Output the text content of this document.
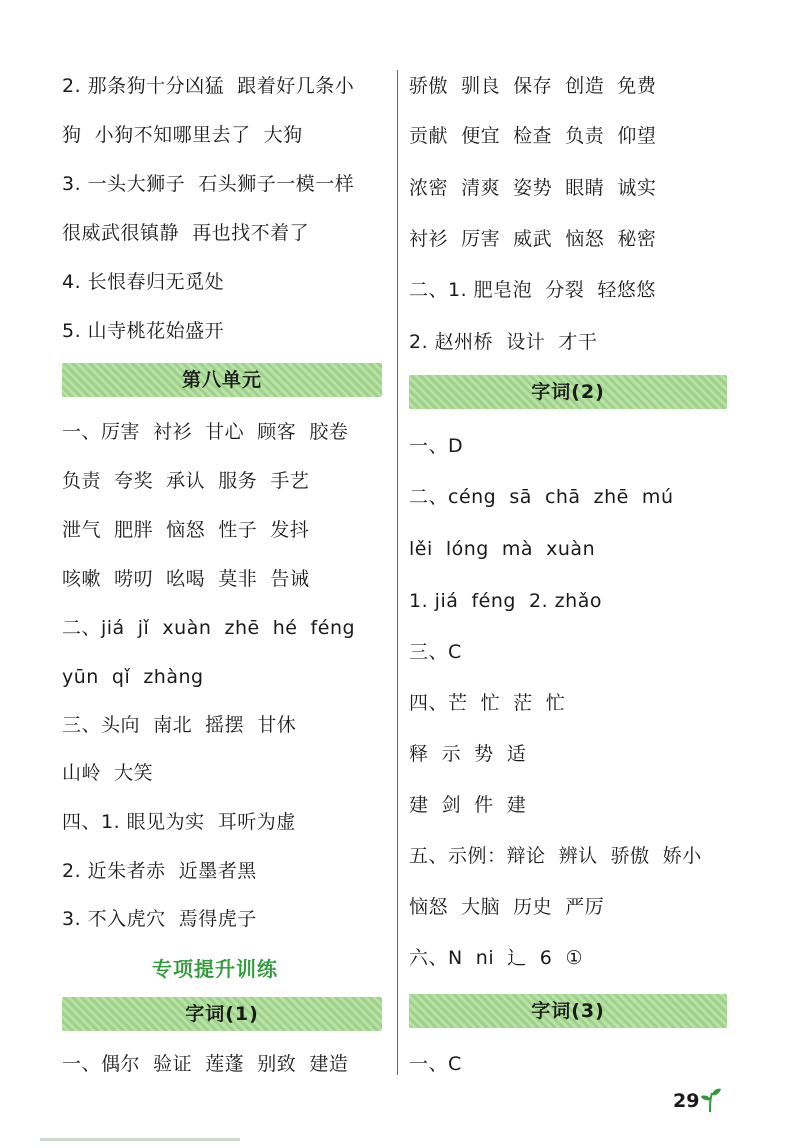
2. 那条狗十分凶猛  跟着好几条小
狗  小狗不知哪里去了  大狗
3. 一头大狮子  石头狮子一模一样
很威武很镇静  再也找不着了
4. 长恨春归无觅处
5. 山寺桃花始盛开
第八单元
一、厉害  衬衫  甘心  顾客  胶卷
负责  夸奖  承认  服务  手艺
泄气  肥胖  恼怒  性子  发抖
咳嗽  唠叨  吆喝  莫非  告诫
二、jiá  jǐ  xuàn  zhē  hé  féng
yūn  qǐ  zhàng
三、头向  南北  摇摆  甘休
山岭  大笑
四、1. 眼见为实  耳听为虚
2. 近朱者赤  近墨者黑
3. 不入虎穴  焉得虎子
专项提升训练
字词(1)
一、偶尔  验证  莲蓬  别致  建造
骄傲  驯良  保存  创造  免费
贡献  便宜  检查  负责  仰望
浓密  清爽  姿势  眼睛  诚实
衬衫  厉害  威武  恼怒  秘密
二、1. 肥皂泡  分裂  轻悠悠
2. 赵州桥  设计  才干
字词(2)
一、D
二、céng  sā  chā  zhē  mú
lěi  lóng  mà  xuàn
1. jiá  féng  2. zhǎo
三、C
四、芒  忙  茫  忙
释  示  势  适
建  剑  件  建
五、示例：辩论  辨认  骄傲  娇小
恼怒  大脑  历史  严厉
六、N  ni  辶  6  ①
字词(3)
一、C
29
